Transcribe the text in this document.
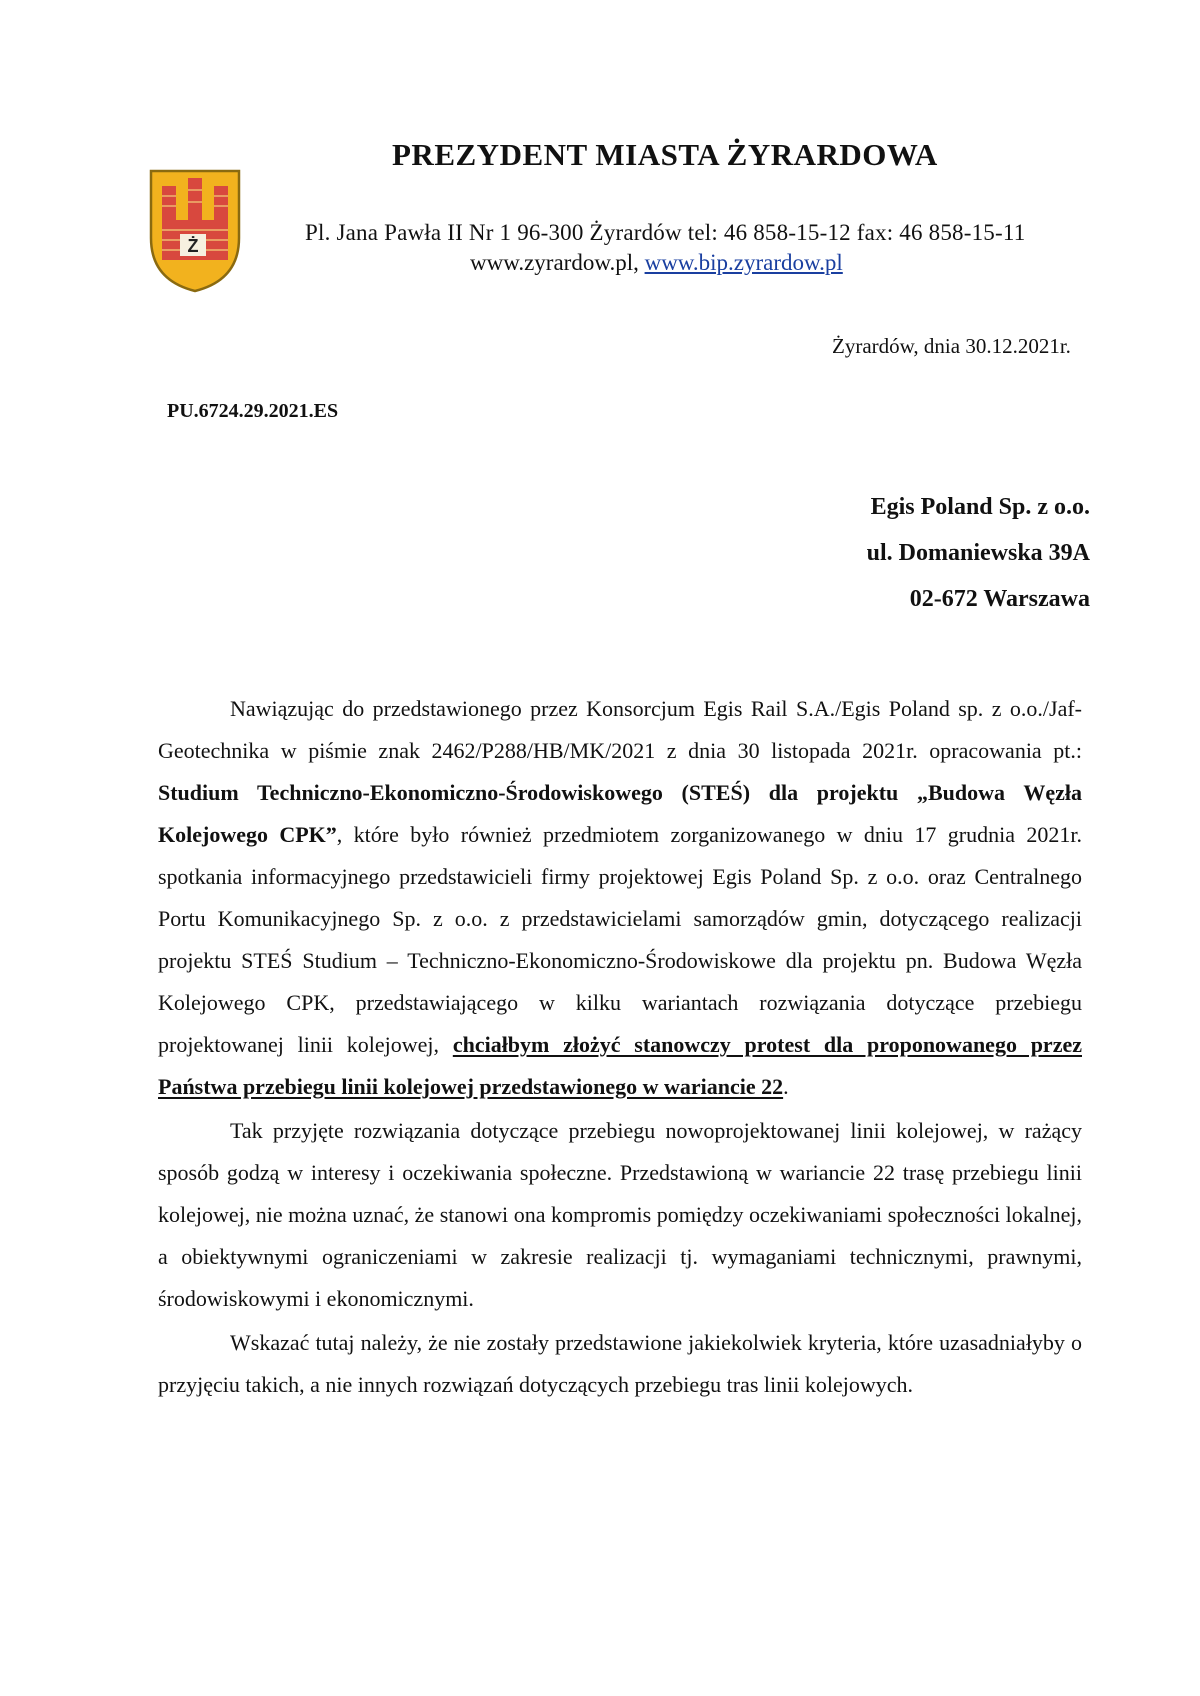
Ż
PREZYDENT MIASTA ŻYRARDOWA
Pl. Jana Pawła II Nr 1 96-300 Żyrardów tel: 46 858-15-12 fax: 46 858-15-11
www.zyrardow.pl, www.bip.zyrardow.pl
Żyrardów, dnia 30.12.2021r.
PU.6724.29.2021.ES
Egis Poland Sp. z o.o.
ul. Domaniewska 39A
02-672 Warszawa

Nawiązując do przedstawionego przez Konsorcjum Egis Rail S.A./Egis Poland sp. z o.o./Jaf-Geotechnika w piśmie znak 2462/P288/HB/MK/2021 z dnia 30 listopada 2021r. opracowania pt.: Studium Techniczno-Ekonomiczno-Środowiskowego (STEŚ) dla projektu „Budowa Węzła Kolejowego CPK”, które było również przedmiotem zorganizowanego w dniu 17 grudnia 2021r. spotkania informacyjnego przedstawicieli firmy projektowej Egis Poland Sp. z o.o. oraz Centralnego Portu Komunikacyjnego Sp. z o.o. z przedstawicielami samorządów gmin, dotyczącego realizacji projektu STEŚ Studium – Techniczno-Ekonomiczno-Środowiskowe dla projektu pn. Budowa Węzła Kolejowego CPK, przedstawiającego w kilku wariantach rozwiązania dotyczące przebiegu projektowanej linii kolejowej, chciałbym złożyć stanowczy protest dla proponowanego przez Państwa przebiegu linii kolejowej przedstawionego w wariancie 22.

Tak przyjęte rozwiązania dotyczące przebiegu nowoprojektowanej linii kolejowej, w rażący sposób godzą w interesy i oczekiwania społeczne. Przedstawioną w wariancie 22 trasę przebiegu linii kolejowej, nie można uznać, że stanowi ona kompromis pomiędzy oczekiwaniami społeczności lokalnej, a obiektywnymi ograniczeniami w zakresie realizacji tj. wymaganiami technicznymi, prawnymi, środowiskowymi i ekonomicznymi.

Wskazać tutaj należy, że nie zostały przedstawione jakiekolwiek kryteria, które uzasadniałyby o przyjęciu takich, a nie innych rozwiązań dotyczących przebiegu tras linii kolejowych.
